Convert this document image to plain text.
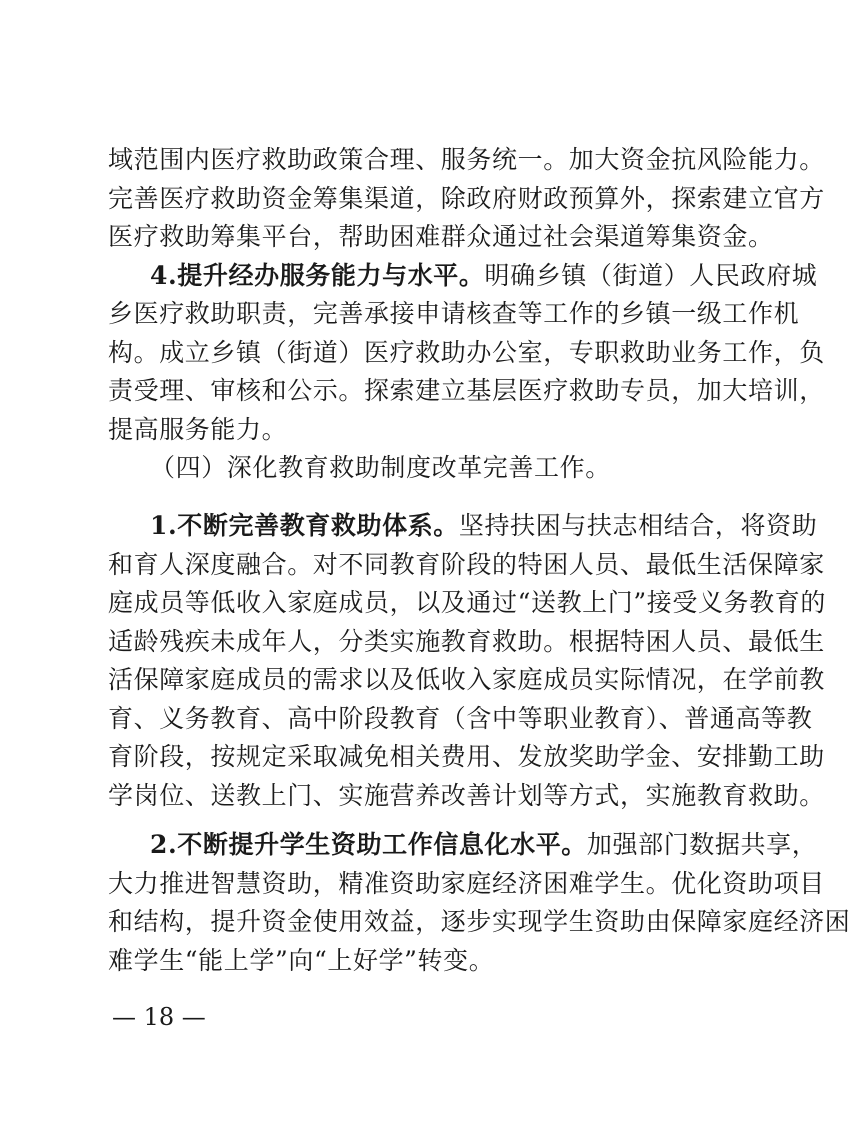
域范围内医疗救助政策合理、服务统一。加大资金抗风险能力。
完善医疗救助资金筹集渠道，除政府财政预算外，探索建立官方
医疗救助筹集平台，帮助困难群众通过社会渠道筹集资金。
4.提升经办服务能力与水平。明确乡镇（街道）人民政府城
乡医疗救助职责，完善承接申请核查等工作的乡镇一级工作机
构。成立乡镇（街道）医疗救助办公室，专职救助业务工作，负
责受理、审核和公示。探索建立基层医疗救助专员，加大培训，
提高服务能力。
（四）深化教育救助制度改革完善工作。
1.不断完善教育救助体系。坚持扶困与扶志相结合，将资助
和育人深度融合。对不同教育阶段的特困人员、最低生活保障家
庭成员等低收入家庭成员，以及通过“送教上门”接受义务教育的
适龄残疾未成年人，分类实施教育救助。根据特困人员、最低生
活保障家庭成员的需求以及低收入家庭成员实际情况，在学前教
育、义务教育、高中阶段教育（含中等职业教育）、普通高等教
育阶段，按规定采取减免相关费用、发放奖助学金、安排勤工助
学岗位、送教上门、实施营养改善计划等方式，实施教育救助。
2.不断提升学生资助工作信息化水平。加强部门数据共享，
大力推进智慧资助，精准资助家庭经济困难学生。优化资助项目
和结构，提升资金使用效益，逐步实现学生资助由保障家庭经济困
难学生“能上学”向“上好学”转变。
— 18 —
